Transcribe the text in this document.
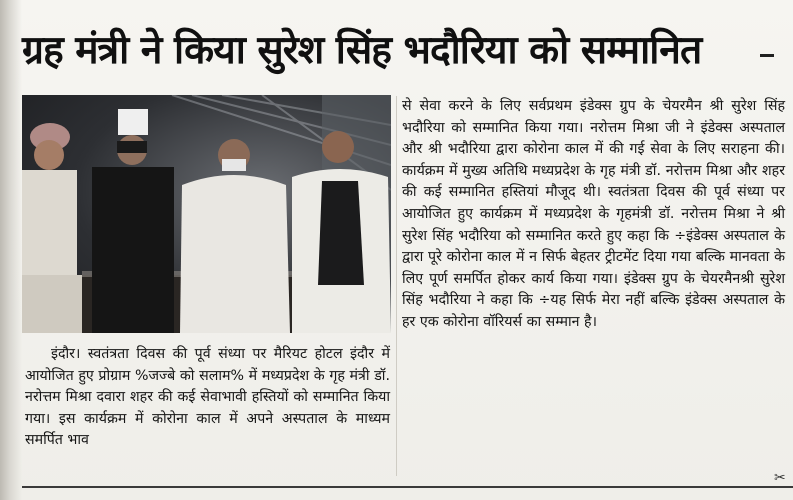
ग्रह मंत्री ने किया सुरेश सिंह भदौरिया को सम्मानित
इंदौर। स्वतंत्रता दिवस की पूर्व संध्या पर मैरियट होटल इंदौर में आयोजित हुए प्रोग्राम %जज्बे को सलाम% में मध्यप्रदेश के गृह मंत्री डॉ. नरोत्तम मिश्रा दवारा शहर की कई सेवाभावी हस्तियों को सम्मानित किया गया। इस कार्यक्रम में कोरोना काल में अपने अस्पताल के माध्यम समर्पित भाव
से सेवा करने के लिए सर्वप्रथम इंडेक्स ग्रुप के चेयरमैन श्री सुरेश सिंह भदौरिया को सम्मानित किया गया। नरोत्तम मिश्रा जी ने इंडेक्स अस्पताल और श्री भदौरिया द्वारा कोरोना काल में की गई सेवा के लिए सराहना की। कार्यक्रम में मुख्य अतिथि मध्यप्रदेश के गृह मंत्री डॉ. नरोत्तम मिश्रा और शहर की कई सम्मानित हस्तियां मौजूद थी। स्वतंत्रता दिवस की पूर्व संध्या पर आयोजित हुए कार्यक्रम में मध्यप्रदेश के गृहमंत्री डॉ. नरोत्तम मिश्रा ने श्री सुरेश सिंह भदौरिया को सम्मानित करते हुए कहा कि ÷इंडेक्स अस्पताल के द्वारा पूरे कोरोना काल में न सिर्फ बेहतर ट्रीटमेंट दिया गया बल्कि मानवता के लिए पूर्ण समर्पित होकर कार्य किया गया। इंडेक्स ग्रुप के चेयरमैनश्री सुरेश सिंह भदौरिया ने कहा कि ÷यह सिर्फ मेरा नहीं बल्कि इंडेक्स अस्पताल के हर एक कोरोना वॉरियर्स का सम्मान है।
✂
